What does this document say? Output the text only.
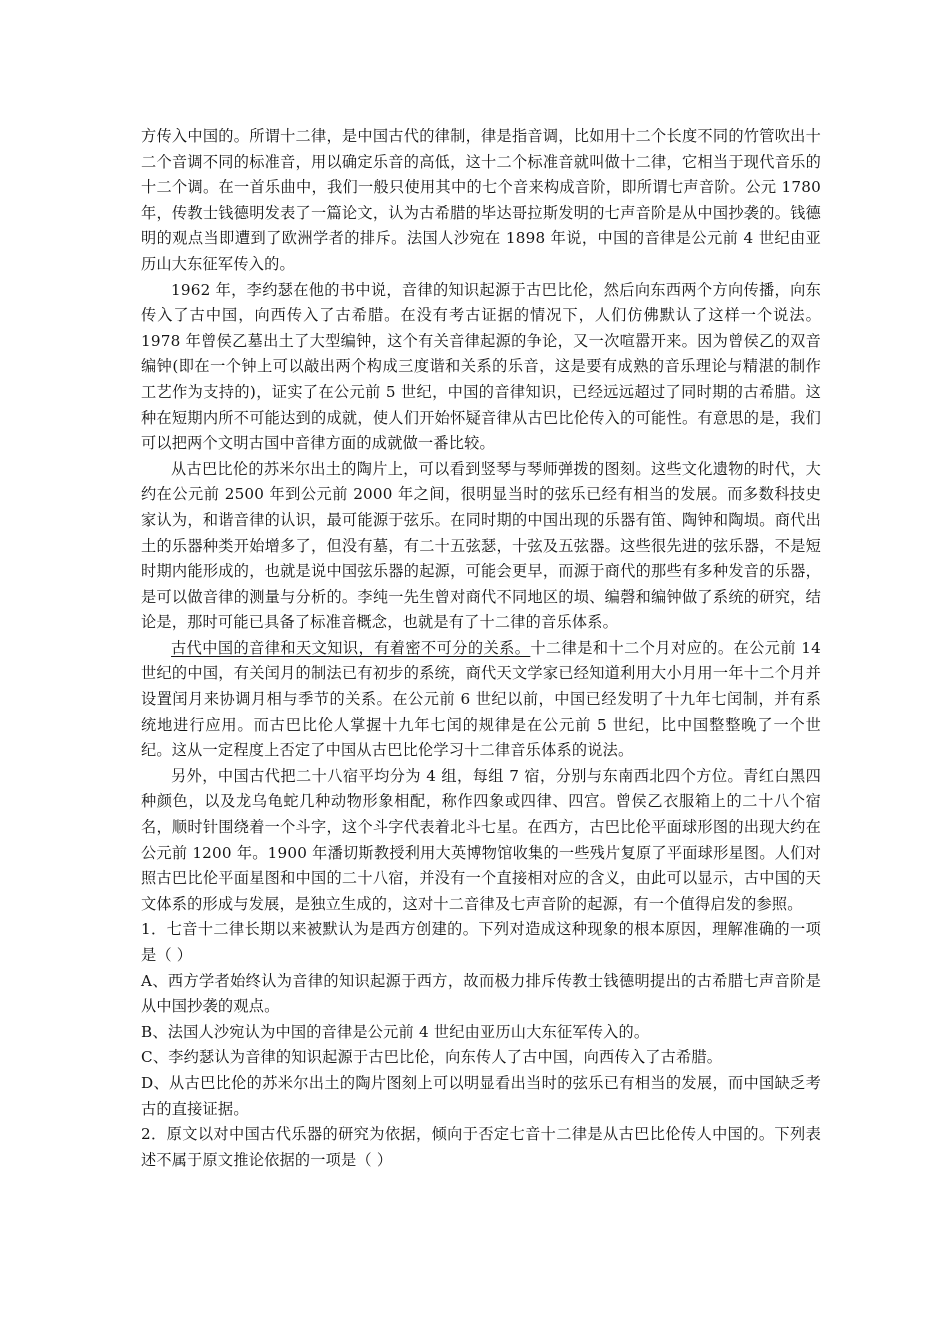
方传入中国的。所谓十二律，是中国古代的律制，律是指音调，比如用十二个长度不同的竹管吹出十二个音调不同的标准音，用以确定乐音的高低，这十二个标准音就叫做十二律，它相当于现代音乐的十二个调。在一首乐曲中，我们一般只使用其中的七个音来构成音阶，即所谓七声音阶。公元 1780 年，传教士钱德明发表了一篇论文，认为古希腊的毕达哥拉斯发明的七声音阶是从中国抄袭的。钱德明的观点当即遭到了欧洲学者的排斥。法国人沙宛在 1898 年说，中国的音律是公元前 4 世纪由亚历山大东征军传入的。

1962 年，李约瑟在他的书中说，音律的知识起源于古巴比伦，然后向东西两个方向传播，向东传入了古中国，向西传入了古希腊。在没有考古证据的情况下，人们仿佛默认了这样一个说法。1978 年曾侯乙墓出土了大型编钟，这个有关音律起源的争论，又一次喧嚣开来。因为曾侯乙的双音编钟(即在一个钟上可以敲出两个构成三度谐和关系的乐音，这是要有成熟的音乐理论与精湛的制作工艺作为支持的)，证实了在公元前 5 世纪，中国的音律知识，已经远远超过了同时期的古希腊。这种在短期内所不可能达到的成就，使人们开始怀疑音律从古巴比伦传入的可能性。有意思的是，我们可以把两个文明古国中音律方面的成就做一番比较。

从古巴比伦的苏米尔出土的陶片上，可以看到竖琴与琴师弹拨的图刻。这些文化遗物的时代，大约在公元前 2500 年到公元前 2000 年之间，很明显当时的弦乐已经有相当的发展。而多数科技史家认为，和谐音律的认识，最可能源于弦乐。在同时期的中国出现的乐器有笛、陶钟和陶埙。商代出土的乐器种类开始增多了，但没有墓，有二十五弦瑟，十弦及五弦器。这些很先进的弦乐器，不是短时期内能形成的，也就是说中国弦乐器的起源，可能会更早，而源于商代的那些有多种发音的乐器，是可以做音律的测量与分析的。李纯一先生曾对商代不同地区的埙、编磬和编钟做了系统的研究，结论是，那时可能已具备了标准音概念，也就是有了十二律的音乐体系。

古代中国的音律和天文知识，有着密不可分的关系。十二律是和十二个月对应的。在公元前 14 世纪的中国，有关闰月的制法已有初步的系统，商代天文学家已经知道利用大小月用一年十二个月并设置闰月来协调月相与季节的关系。在公元前 6 世纪以前，中国已经发明了十九年七闰制，并有系统地进行应用。而古巴比伦人掌握十九年七闰的规律是在公元前 5 世纪，比中国整整晚了一个世纪。这从一定程度上否定了中国从古巴比伦学习十二律音乐体系的说法。

另外，中国古代把二十八宿平均分为 4 组，每组 7 宿，分别与东南西北四个方位。青红白黑四种颜色，以及龙乌龟蛇几种动物形象相配，称作四象或四律、四宫。曾侯乙衣服箱上的二十八个宿名，顺时针围绕着一个斗字，这个斗字代表着北斗七星。在西方，古巴比伦平面球形图的出现大约在公元前 1200 年。1900 年潘切斯教授利用大英博物馆收集的一些残片复原了平面球形星图。人们对照古巴比伦平面星图和中国的二十八宿，并没有一个直接相对应的含义，由此可以显示，古中国的天文体系的形成与发展，是独立生成的，这对十二音律及七声音阶的起源，有一个值得启发的参照。

1．七音十二律长期以来被默认为是西方创建的。下列对造成这种现象的根本原因，理解准确的一项是（ ）

A、西方学者始终认为音律的知识起源于西方，故而极力排斥传教士钱德明提出的古希腊七声音阶是从中国抄袭的观点。

B、法国人沙宛认为中国的音律是公元前 4 世纪由亚历山大东征军传入的。

C、李约瑟认为音律的知识起源于古巴比伦，向东传人了古中国，向西传入了古希腊。

D、从古巴比伦的苏米尔出土的陶片图刻上可以明显看出当时的弦乐已有相当的发展，而中国缺乏考古的直接证据。

2．原文以对中国古代乐器的研究为依据，倾向于否定七音十二律是从古巴比伦传人中国的。下列表述不属于原文推论依据的一项是（ ）
